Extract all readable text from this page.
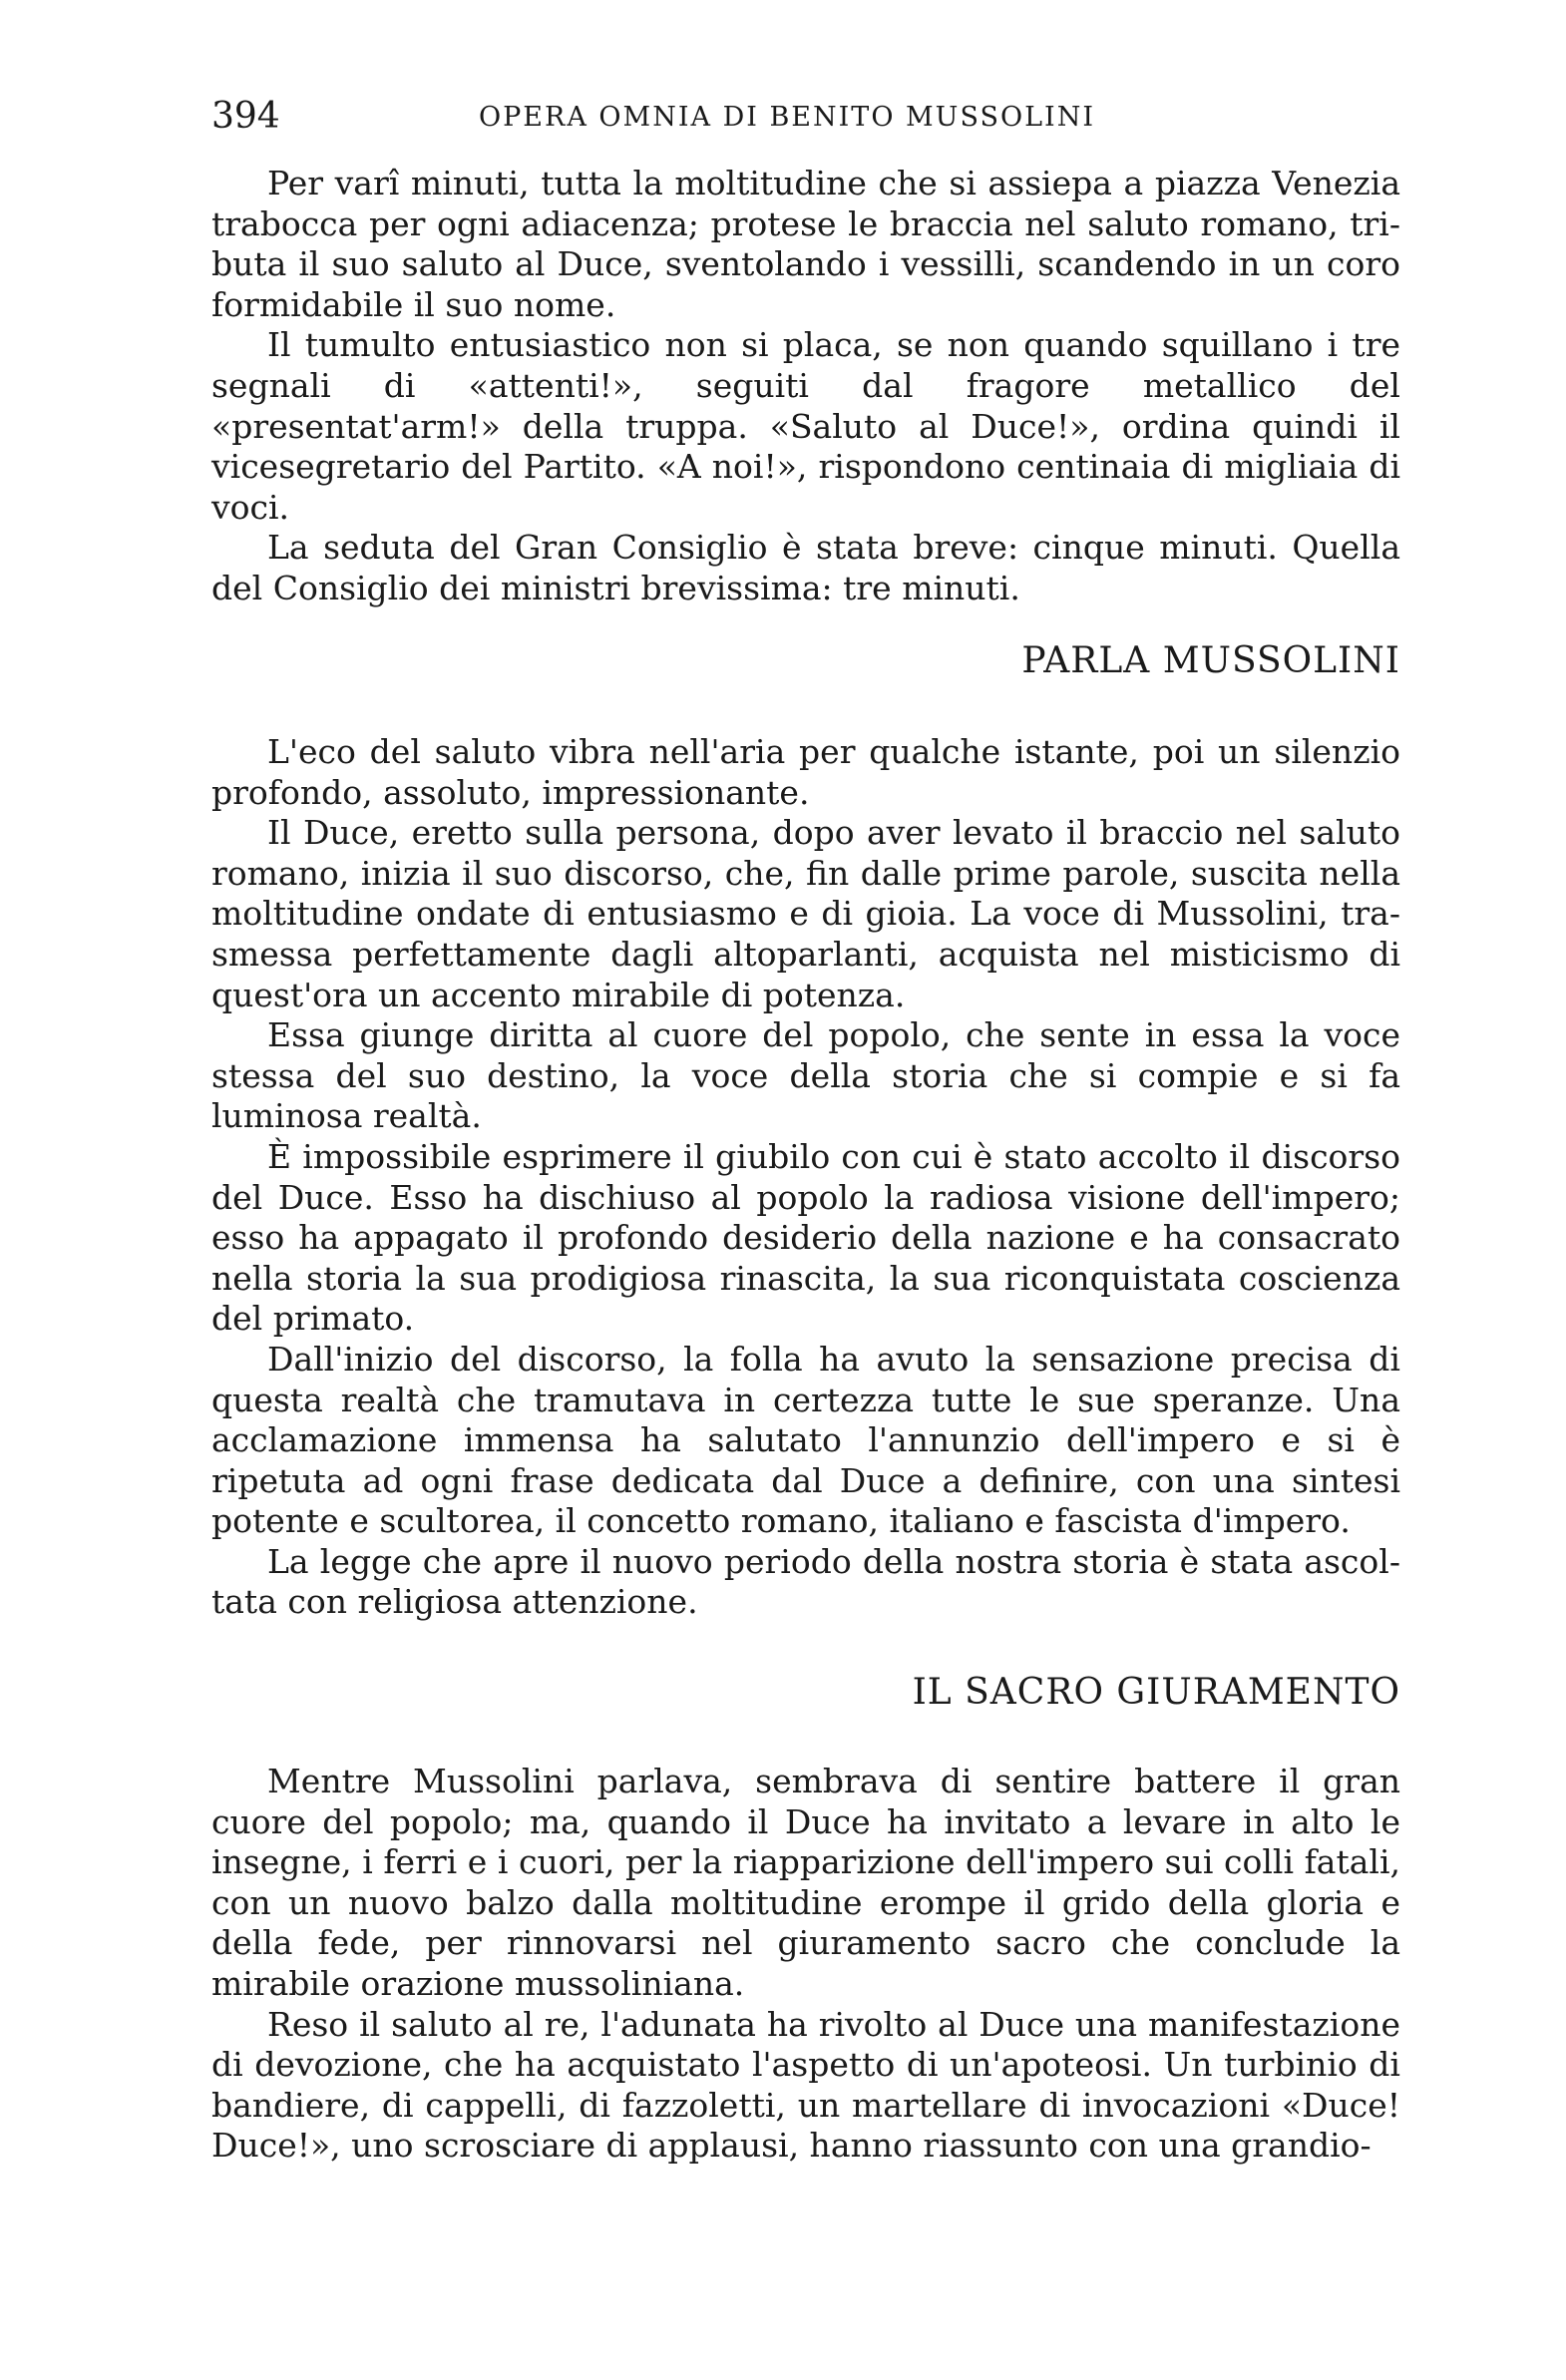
394	OPERA OMNIA DI BENITO MUSSOLINI

Per varî minuti, tutta la moltitudine che si assiepa a piazza Venezia trabocca per ogni adiacenza; protese le braccia nel saluto romano, tributa il suo saluto al Duce, sventolando i vessilli, scandendo in un coro formidabile il suo nome.

Il tumulto entusiastico non si placa, se non quando squillano i tre segnali di «attenti!», seguiti dal fragore metallico del «presentat'arm!» della truppa. «Saluto al Duce!», ordina quindi il vicesegretario del Partito. «A noi!», rispondono centinaia di migliaia di voci.

La seduta del Gran Consiglio è stata breve: cinque minuti. Quella del Consiglio dei ministri brevissima: tre minuti.

PARLA MUSSOLINI

L'eco del saluto vibra nell'aria per qualche istante, poi un silenzio profondo, assoluto, impressionante.

Il Duce, eretto sulla persona, dopo aver levato il braccio nel saluto romano, inizia il suo discorso, che, fin dalle prime parole, suscita nella moltitudine ondate di entusiasmo e di gioia. La voce di Mussolini, trasmessa perfettamente dagli altoparlanti, acquista nel misticismo di quest'ora un accento mirabile di potenza.

Essa giunge diritta al cuore del popolo, che sente in essa la voce stessa del suo destino, la voce della storia che si compie e si fa luminosa realtà.

È impossibile esprimere il giubilo con cui è stato accolto il discorso del Duce. Esso ha dischiuso al popolo la radiosa visione dell'impero; esso ha appagato il profondo desiderio della nazione e ha consacrato nella storia la sua prodigiosa rinascita, la sua riconquistata coscienza del primato.

Dall'inizio del discorso, la folla ha avuto la sensazione precisa di questa realtà che tramutava in certezza tutte le sue speranze. Una acclamazione immensa ha salutato l'annunzio dell'impero e si è ripetuta ad ogni frase dedicata dal Duce a definire, con una sintesi potente e scultorea, il concetto romano, italiano e fascista d'impero.

La legge che apre il nuovo periodo della nostra storia è stata ascoltata con religiosa attenzione.

IL SACRO GIURAMENTO

Mentre Mussolini parlava, sembrava di sentire battere il gran cuore del popolo; ma, quando il Duce ha invitato a levare in alto le insegne, i ferri e i cuori, per la riapparizione dell'impero sui colli fatali, con un nuovo balzo dalla moltitudine erompe il grido della gloria e della fede, per rinnovarsi nel giuramento sacro che conclude la mirabile orazione mussoliniana.

Reso il saluto al re, l'adunata ha rivolto al Duce una manifestazione di devozione, che ha acquistato l'aspetto di un'apoteosi. Un turbinio di bandiere, di cappelli, di fazzoletti, un martellare di invocazioni «Duce! Duce!», uno scrosciare di applausi, hanno riassunto con una grandio-
